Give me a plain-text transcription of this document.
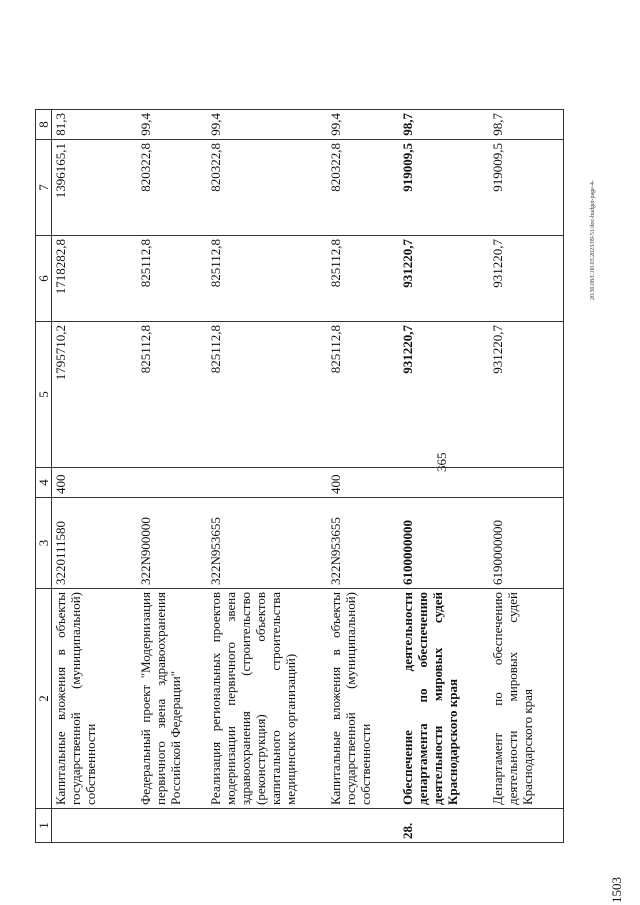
365
1503
20.30.08/С.00.03.2023/09-51/doc-budget-page-4-
1	2	3	4	5	6	7	8
	Капитальные вложения в объекты государственной (муниципальной) собственности	3220111580	400	1795710,2	1718282,8	1396165,1	81,3
	Федеральный проект "Модернизация первичного звена здравоохранения Российской Федерации"	322N900000		825112,8	825112,8	820322,8	99,4
	Реализация региональных проектов модернизации первичного звена здравоохранения (строительство (реконструкция) объектов капитального строительства медицинских организаций)	322N953655		825112,8	825112,8	820322,8	99,4
	Капитальные вложения в объекты государственной (муниципальной) собственности	322N953655	400	825112,8	825112,8	820322,8	99,4
28.	Обеспечение деятельности департамента по обеспечению деятельности мировых судей Краснодарского края	6100000000		931220,7	931220,7	919009,5	98,7
	Департамент по обеспечению деятельности мировых судей Краснодарского края	6190000000		931220,7	931220,7	919009,5	98,7
